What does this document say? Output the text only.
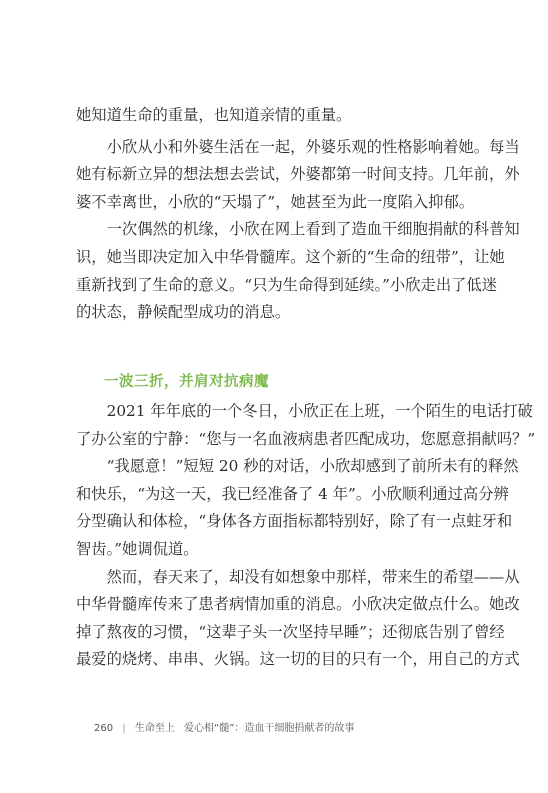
她知道生命的重量，也知道亲情的重量。
小欣从小和外婆生活在一起，外婆乐观的性格影响着她。每当
她有标新立异的想法想去尝试，外婆都第一时间支持。几年前，外
婆不幸离世，小欣的“天塌了”，她甚至为此一度陷入抑郁。
一次偶然的机缘，小欣在网上看到了造血干细胞捐献的科普知
识，她当即决定加入中华骨髓库。这个新的“生命的纽带”，让她
重新找到了生命的意义。“只为生命得到延续。”小欣走出了低迷
的状态，静候配型成功的消息。
一波三折，并肩对抗病魔
2021 年年底的一个冬日，小欣正在上班，一个陌生的电话打破
了办公室的宁静：“您与一名血液病患者匹配成功，您愿意捐献吗？”
“我愿意！”短短 20 秒的对话，小欣却感到了前所未有的释然
和快乐，“为这一天，我已经准备了 4 年”。小欣顺利通过高分辨
分型确认和体检，“身体各方面指标都特别好，除了有一点蛀牙和
智齿。”她调侃道。
然而，春天来了，却没有如想象中那样，带来生的希望——从
中华骨髓库传来了患者病情加重的消息。小欣决定做点什么。她改
掉了熬夜的习惯，“这辈子头一次坚持早睡”；还彻底告别了曾经
最爱的烧烤、串串、火锅。这一切的目的只有一个，用自己的方式
260 | 生命至上 爱心相“髓”：造血干细胞捐献者的故事
